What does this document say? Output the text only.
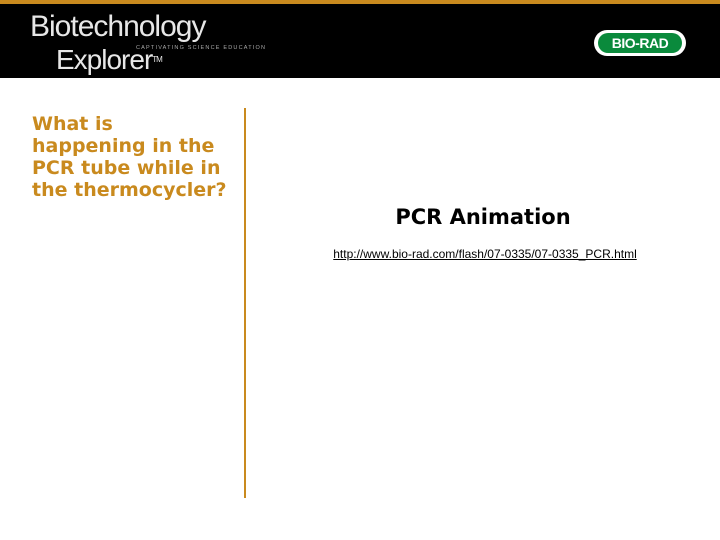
Biotechnology
CAPTIVATING SCIENCE EDUCATION
Explorer™
BIO-RAD
What is happening in the PCR tube while in the thermocycler?
PCR Animation
http://www.bio-rad.com/flash/07-0335/07-0335_PCR.html
